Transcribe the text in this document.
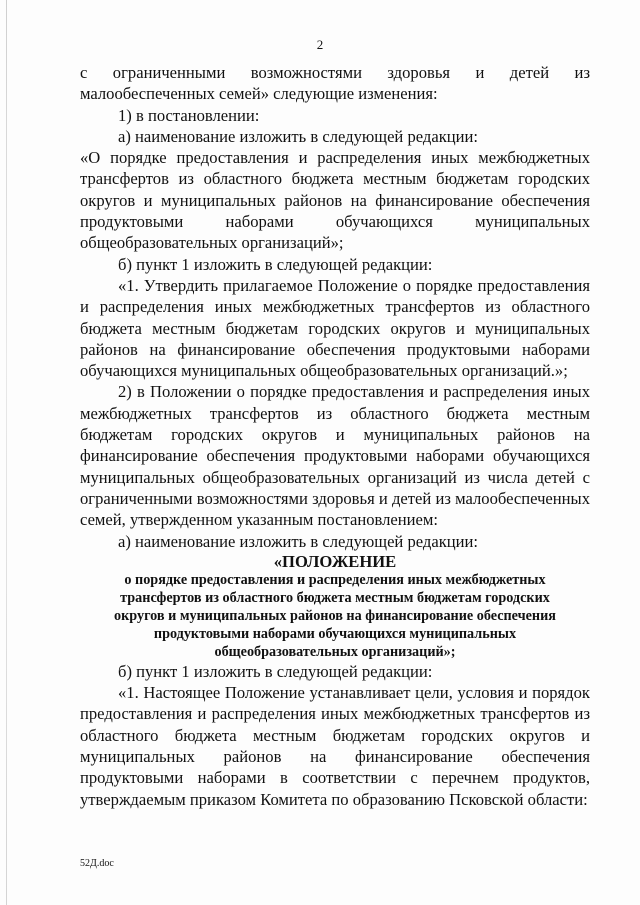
2

с ограниченными возможностями здоровья и детей из малообеспеченных семей» следующие изменения:

1) в постановлении:

а) наименование изложить в следующей редакции:

«О порядке предоставления и распределения иных межбюджетных трансфертов из областного бюджета местным бюджетам городских округов и муниципальных районов на финансирование обеспечения продуктовыми наборами обучающихся муниципальных общеобразовательных организаций»;

б) пункт 1 изложить в следующей редакции:

«1. Утвердить прилагаемое Положение о порядке предоставления и распределения иных межбюджетных трансфертов из областного бюджета местным бюджетам городских округов и муниципальных районов на финансирование обеспечения продуктовыми наборами обучающихся муниципальных общеобразовательных организаций.»;

2) в Положении о порядке предоставления и распределения иных межбюджетных трансфертов из областного бюджета местным бюджетам городских округов и муниципальных районов на финансирование обеспечения продуктовыми наборами обучающихся муниципальных общеобразовательных организаций из числа детей с ограниченными возможностями здоровья и детей из малообеспеченных семей, утвержденном указанным постановлением:

а) наименование изложить в следующей редакции:

«ПОЛОЖЕНИЕ

о порядке предоставления и распределения иных межбюджетных

трансфертов из областного бюджета местным бюджетам городских

округов и муниципальных районов на финансирование обеспечения

продуктовыми наборами обучающихся муниципальных

общеобразовательных организаций»;

б) пункт 1 изложить в следующей редакции:

«1. Настоящее Положение устанавливает цели, условия и порядок предоставления и распределения иных межбюджетных трансфертов из областного бюджета местным бюджетам городских округов и муниципальных районов на финансирование обеспечения продуктовыми наборами в соответствии с перечнем продуктов, утверждаемым приказом Комитета по образованию Псковской области:

52Д.doc
